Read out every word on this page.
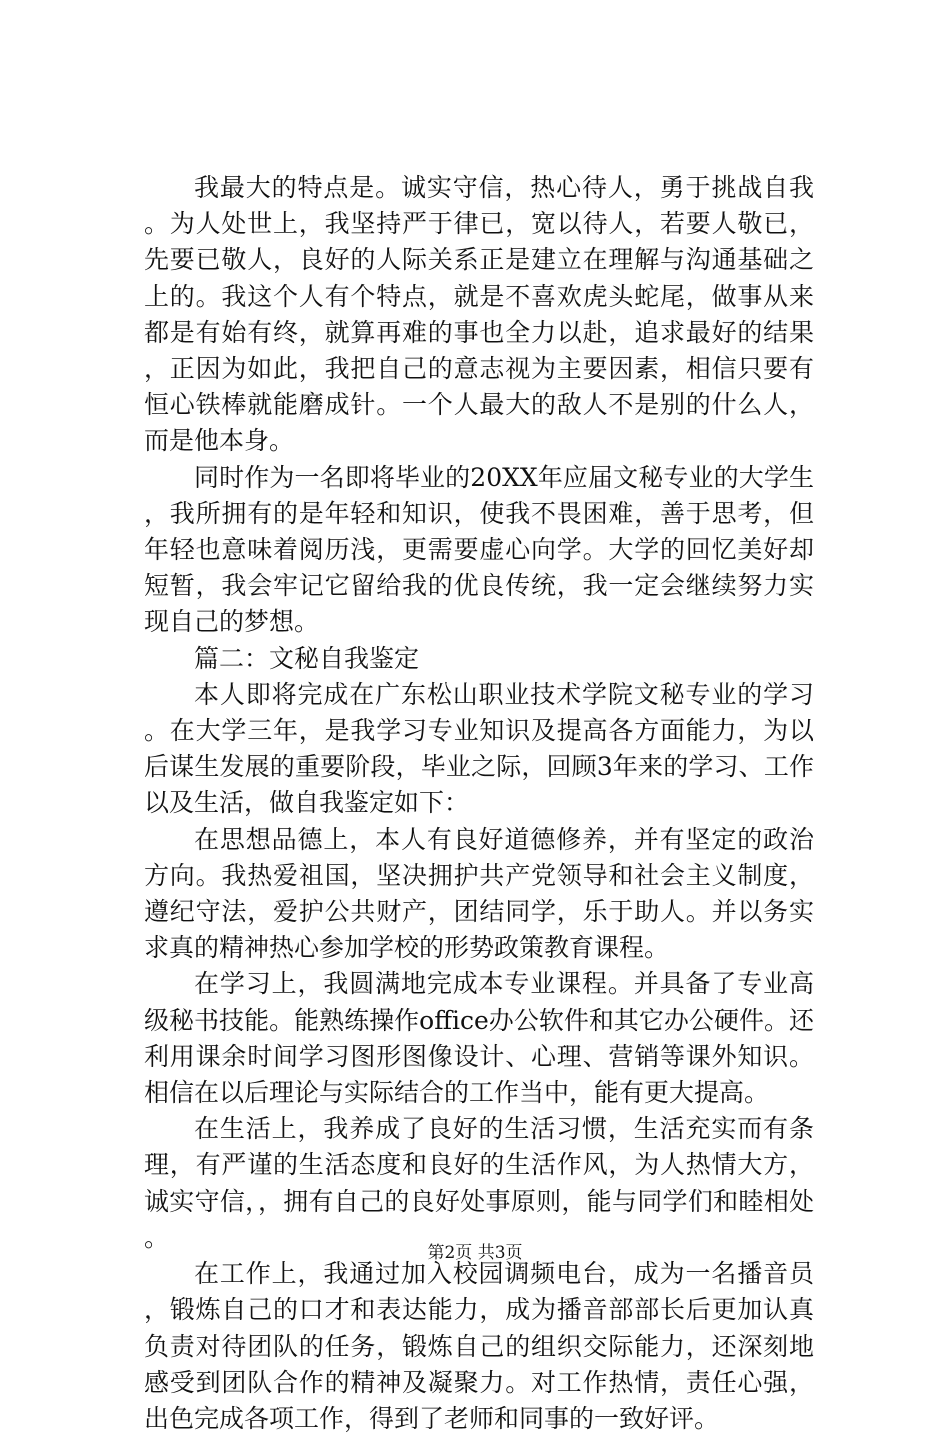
我最大的特点是。诚实守信，热心待人，勇于挑战自我。为人处世上，我坚持严于律已，宽以待人，若要人敬已，先要已敬人，良好的人际关系正是建立在理解与沟通基础之上的。我这个人有个特点，就是不喜欢虎头蛇尾，做事从来都是有始有终，就算再难的事也全力以赴，追求最好的结果，正因为如此，我把自己的意志视为主要因素，相信只要有恒心铁棒就能磨成针。一个人最大的敌人不是别的什么人，而是他本身。

同时作为一名即将毕业的20XX年应届文秘专业的大学生，我所拥有的是年轻和知识，使我不畏困难，善于思考，但年轻也意味着阅历浅，更需要虚心向学。大学的回忆美好却短暂，我会牢记它留给我的优良传统，我一定会继续努力实现自己的梦想。

篇二：文秘自我鉴定

本人即将完成在广东松山职业技术学院文秘专业的学习。在大学三年，是我学习专业知识及提高各方面能力，为以后谋生发展的重要阶段，毕业之际，回顾3年来的学习、工作以及生活，做自我鉴定如下：

在思想品德上，本人有良好道德修养，并有坚定的政治方向。我热爱祖国，坚决拥护共产党领导和社会主义制度，遵纪守法，爱护公共财产，团结同学，乐于助人。并以务实求真的精神热心参加学校的形势政策教育课程。

在学习上，我圆满地完成本专业课程。并具备了专业高级秘书技能。能熟练操作office办公软件和其它办公硬件。还利用课余时间学习图形图像设计、心理、营销等课外知识。相信在以后理论与实际结合的工作当中，能有更大提高。

在生活上，我养成了良好的生活习惯，生活充实而有条理，有严谨的生活态度和良好的生活作风，为人热情大方，诚实守信，，拥有自己的良好处事原则，能与同学们和睦相处。

在工作上，我通过加入校园调频电台，成为一名播音员，锻炼自己的口才和表达能力，成为播音部部长后更加认真负责对待团队的任务，锻炼自己的组织交际能力，还深刻地感受到团队合作的精神及凝聚力。对工作热情，责任心强，出色完成各项工作，得到了老师和同事的一致好评。

第2页 共3页
